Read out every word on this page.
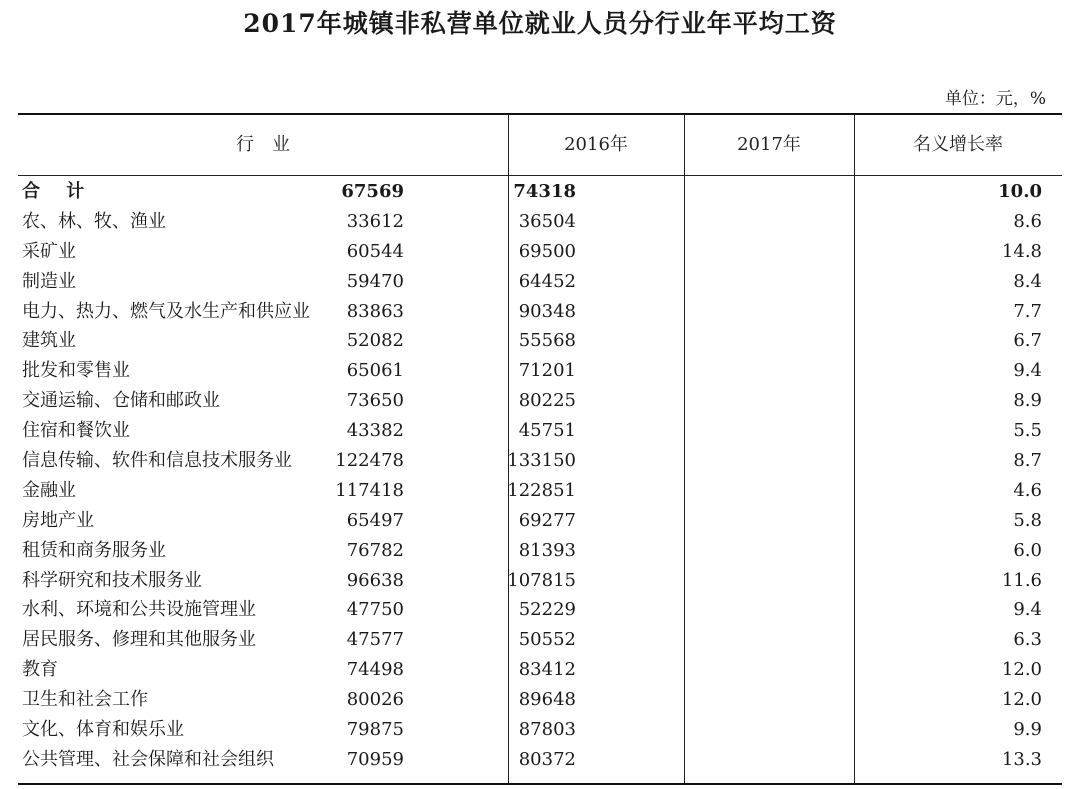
2017年城镇非私营单位就业人员分行业年平均工资
单位：元，%
行　业	2016年	2017年	名义增长率
合 计	67569	74318	10.0
农、林、牧、渔业	33612	36504	8.6
采矿业	60544	69500	14.8
制造业	59470	64452	8.4
电力、热力、燃气及水生产和供应业 83863	90348	7.7
建筑业	52082	55568	6.7
批发和零售业	65061	71201	9.4
交通运输、仓储和邮政业	73650	80225	8.9
住宿和餐饮业	43382	45751	5.5
信息传输、软件和信息技术服务业 122478	133150	8.7
金融业	117418	122851	4.6
房地产业	65497	69277	5.8
租赁和商务服务业	76782	81393	6.0
科学研究和技术服务业	96638	107815	11.6
水利、环境和公共设施管理业	47750	52229	9.4
居民服务、修理和其他服务业	47577	50552	6.3
教育	74498	83412	12.0
卫生和社会工作	80026	89648	12.0
文化、体育和娱乐业	79875	87803	9.9
公共管理、社会保障和社会组织	70959	80372	13.3
